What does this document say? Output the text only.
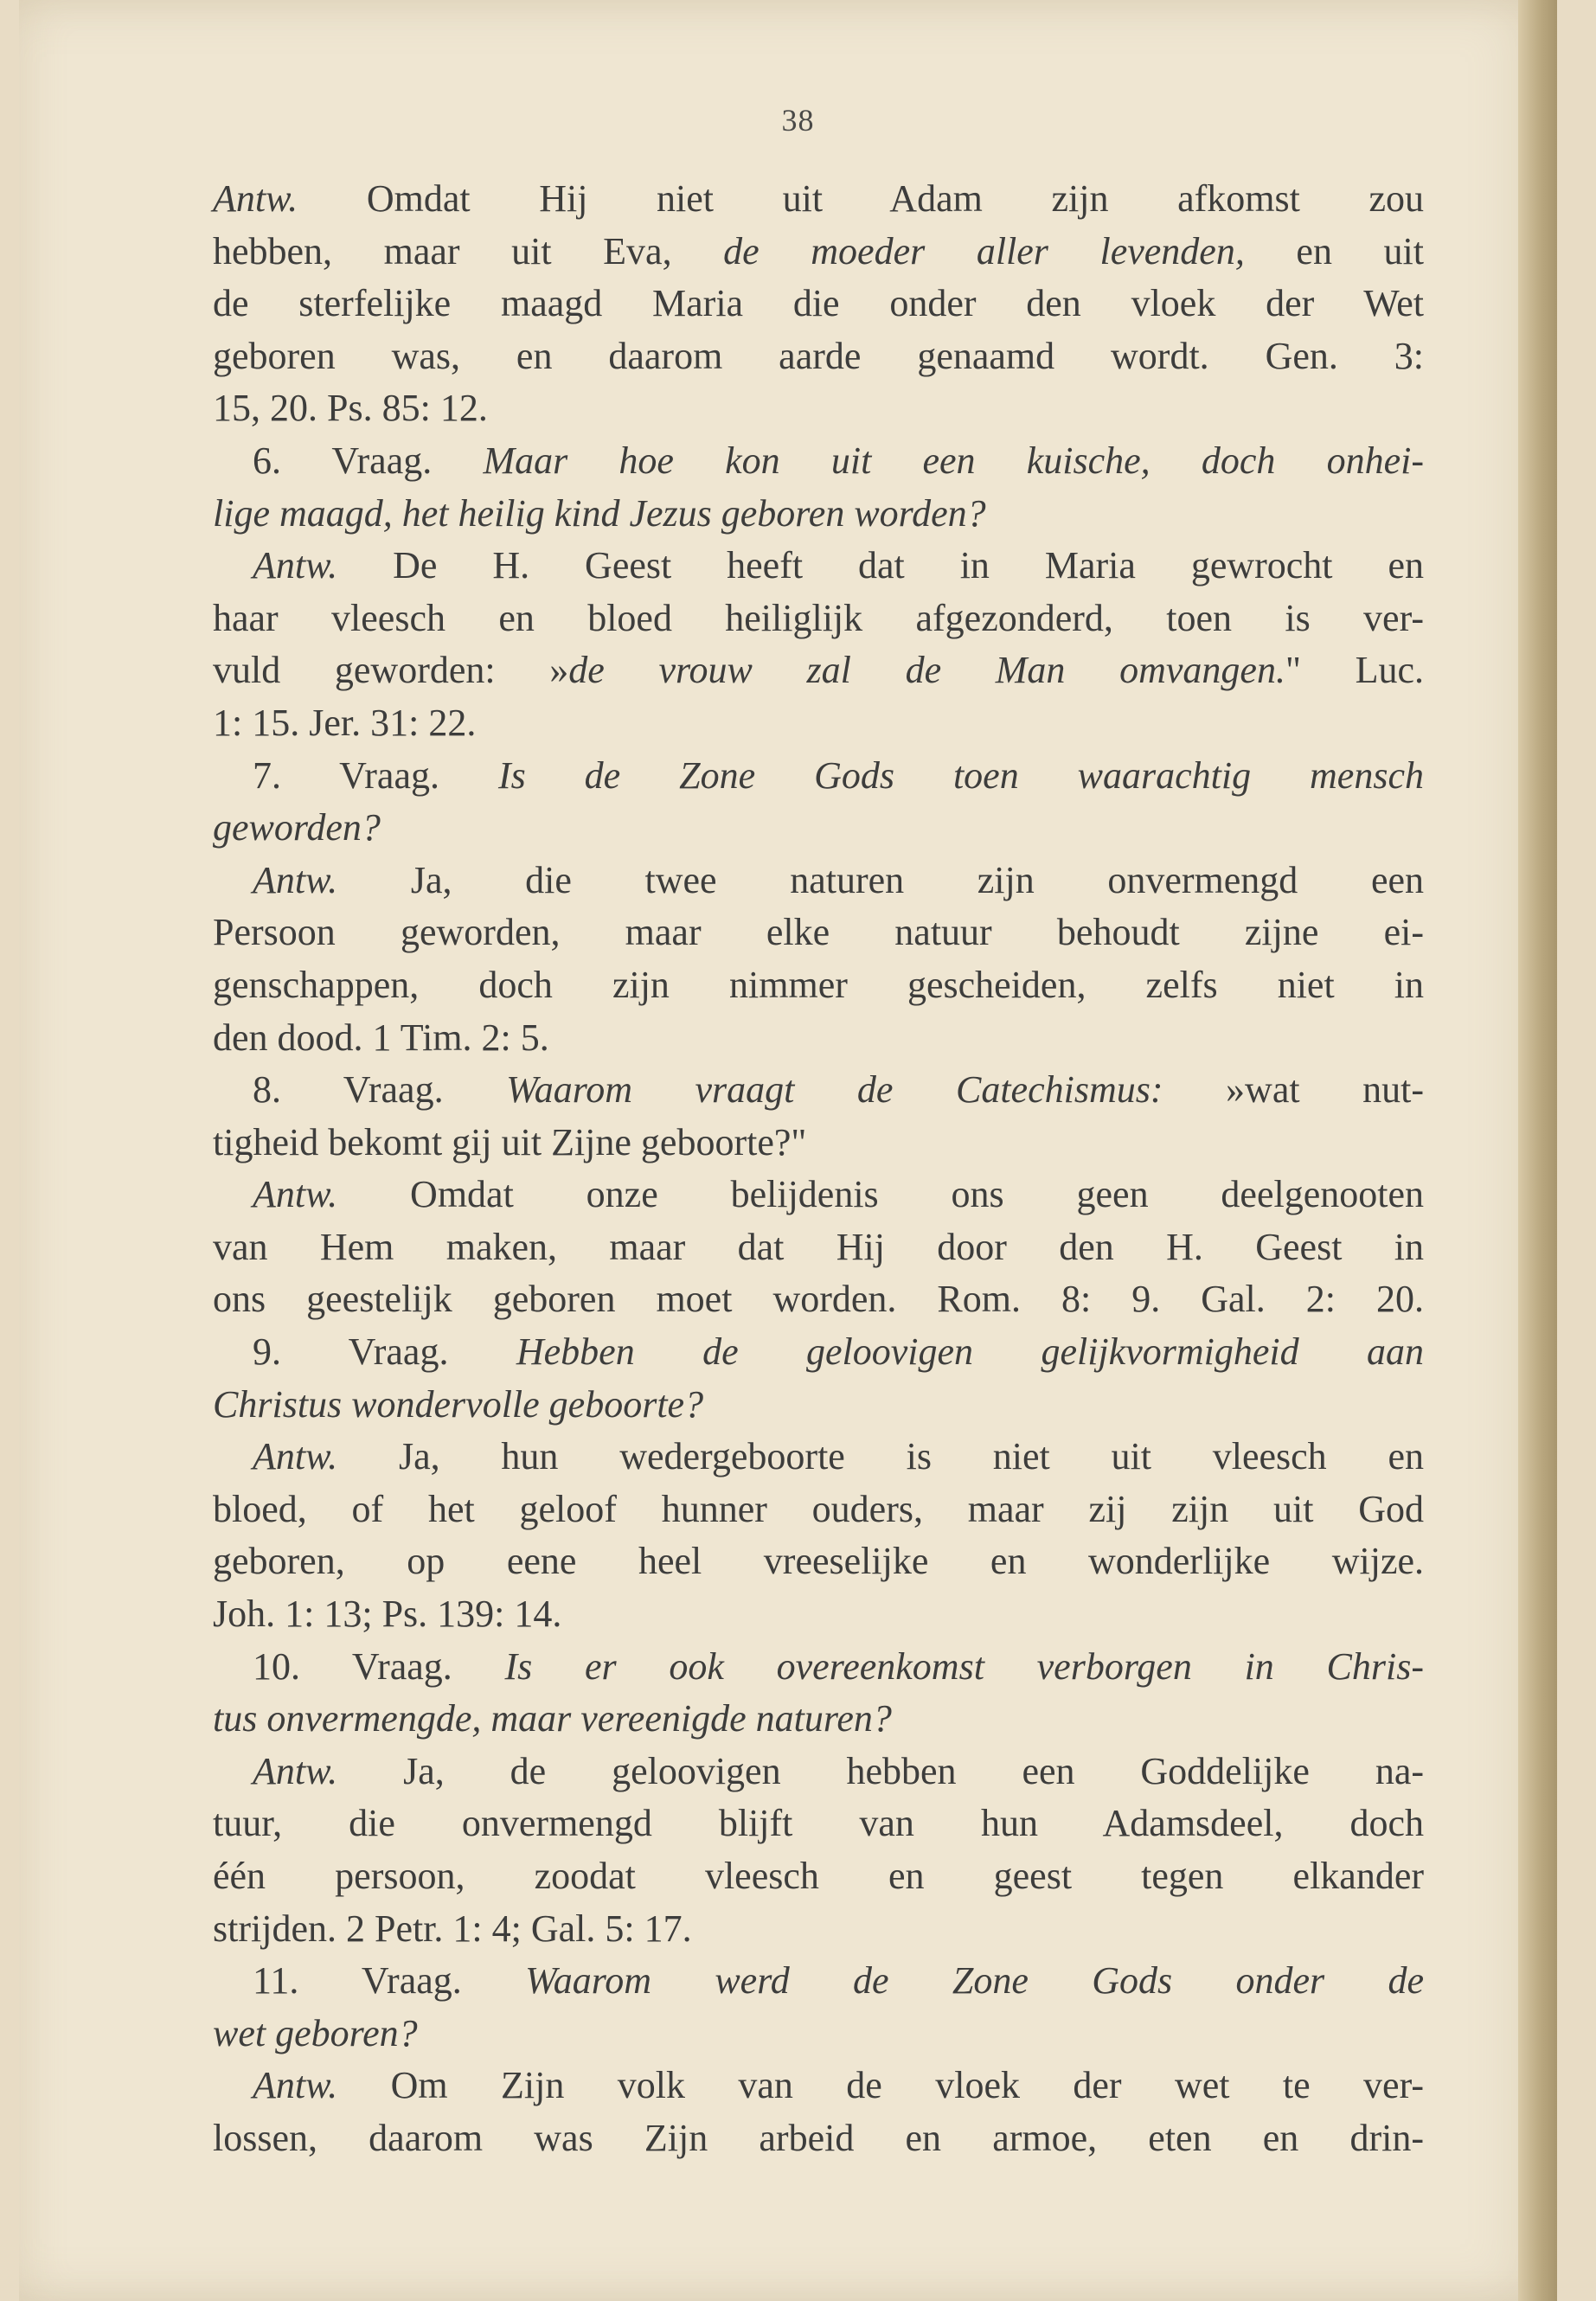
38
Antw. Omdat Hij niet uit Adam zijn afkomst zou
hebben, maar uit Eva, de moeder aller levenden, en uit
de sterfelijke maagd Maria die onder den vloek der Wet
geboren was, en daarom aarde genaamd wordt. Gen. 3:
15, 20. Ps. 85: 12.
6. Vraag. Maar hoe kon uit een kuische, doch onhei-
lige maagd, het heilig kind Jezus geboren worden?
Antw. De H. Geest heeft dat in Maria gewrocht en
haar vleesch en bloed heiliglijk afgezonderd, toen is ver-
vuld geworden: »de vrouw zal de Man omvangen." Luc.
1: 15. Jer. 31: 22.
7. Vraag. Is de Zone Gods toen waarachtig mensch
geworden?
Antw. Ja, die twee naturen zijn onvermengd een
Persoon geworden, maar elke natuur behoudt zijne ei-
genschappen, doch zijn nimmer gescheiden, zelfs niet in
den dood. 1 Tim. 2: 5.
8. Vraag. Waarom vraagt de Catechismus: »wat nut-
tigheid bekomt gij uit Zijne geboorte?"
Antw. Omdat onze belijdenis ons geen deelgenooten
van Hem maken, maar dat Hij door den H. Geest in
ons geestelijk geboren moet worden. Rom. 8: 9. Gal. 2: 20.
9. Vraag. Hebben de geloovigen gelijkvormigheid aan
Christus wondervolle geboorte?
Antw. Ja, hun wedergeboorte is niet uit vleesch en
bloed, of het geloof hunner ouders, maar zij zijn uit God
geboren, op eene heel vreeselijke en wonderlijke wijze.
Joh. 1: 13; Ps. 139: 14.
10. Vraag. Is er ook overeenkomst verborgen in Chris-
tus onvermengde, maar vereenigde naturen?
Antw. Ja, de geloovigen hebben een Goddelijke na-
tuur, die onvermengd blijft van hun Adamsdeel, doch
één persoon, zoodat vleesch en geest tegen elkander
strijden. 2 Petr. 1: 4; Gal. 5: 17.
11. Vraag. Waarom werd de Zone Gods onder de
wet geboren?
Antw. Om Zijn volk van de vloek der wet te ver-
lossen, daarom was Zijn arbeid en armoe, eten en drin-
